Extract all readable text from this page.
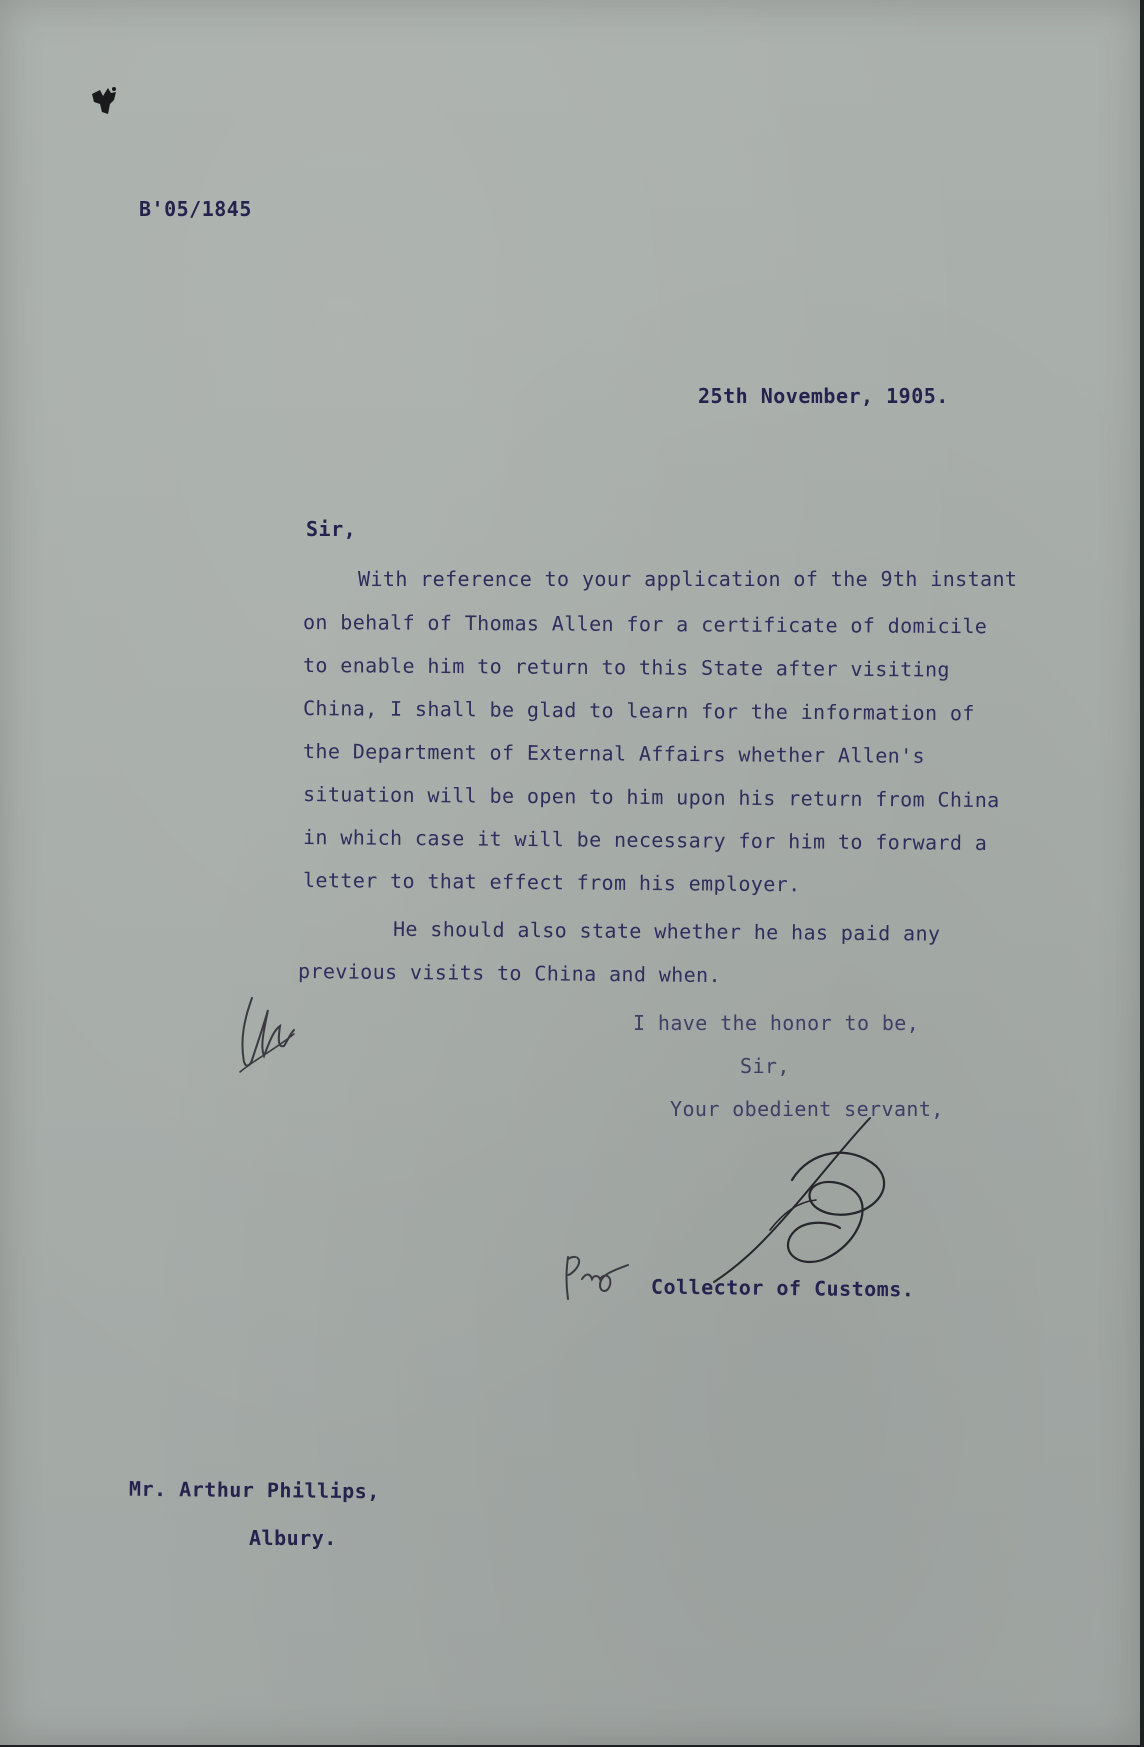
B'05/1845
25th November, 1905.
Sir,
With reference to your application of the 9th instant
on behalf of Thomas Allen for a certificate of domicile
to enable him to return to this State after visiting
China, I shall be glad to learn for the information of
the Department of External Affairs whether Allen's
situation will be open to him upon his return from China
in which case it will be necessary for him to forward a
letter to that effect from his employer.
He should also state whether he has paid any
previous visits to China and when.
I have the honor to be,
Sir,
Your obedient servant,
Collector of Customs.
Mr. Arthur Phillips,
Albury.
